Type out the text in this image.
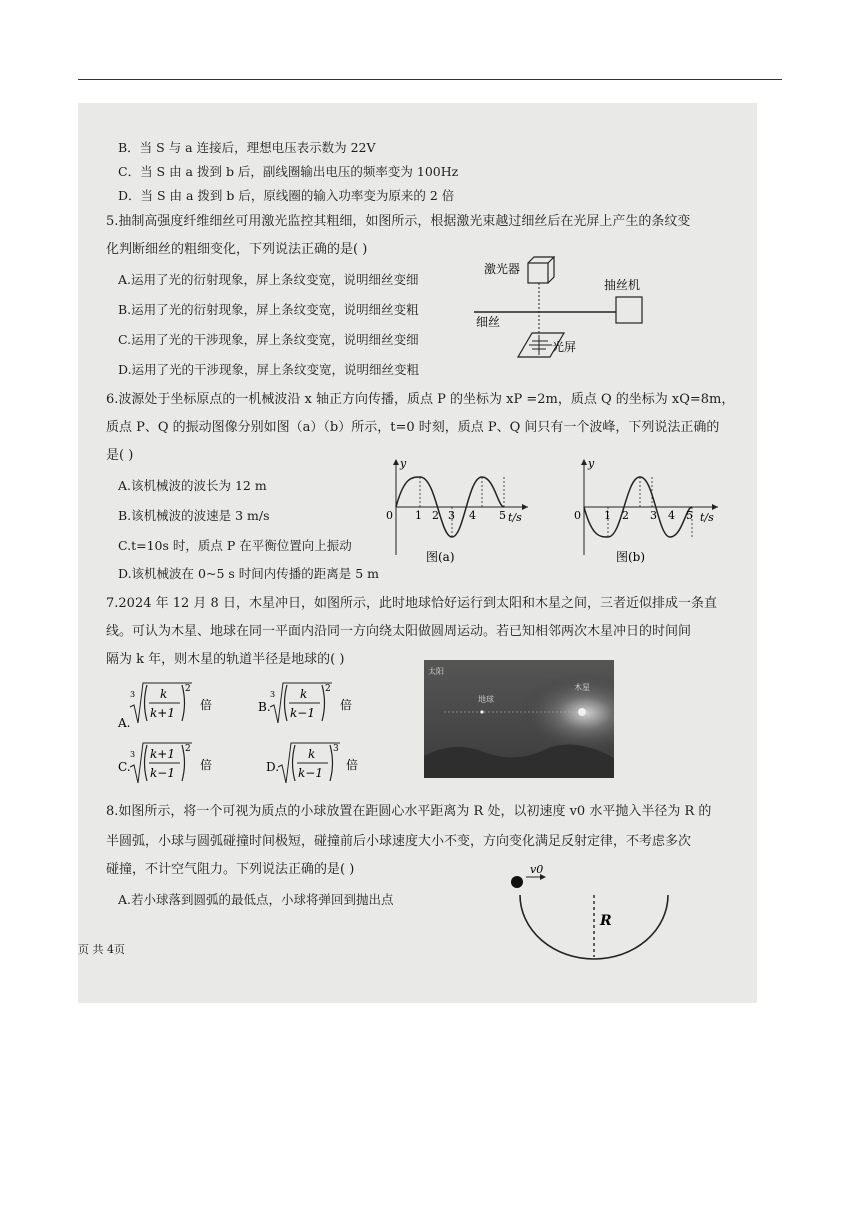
B．当 S 与 a 连接后，理想电压表示数为 22V
C．当 S 由 a 拨到 b 后，副线圈输出电压的频率变为 100Hz
D．当 S 由 a 拨到 b 后，原线圈的输入功率变为原来的 2 倍
5.抽制高强度纤维细丝可用激光监控其粗细，如图所示，根据激光束越过细丝后在光屏上产生的条纹变
化判断细丝的粗细变化，下列说法正确的是( )
A.运用了光的衍射现象，屏上条纹变宽，说明细丝变细
B.运用了光的衍射现象，屏上条纹变宽，说明细丝变粗
C.运用了光的干涉现象，屏上条纹变宽，说明细丝变细
D.运用了光的干涉现象，屏上条纹变宽，说明细丝变粗
激光器
细丝
抽丝机
光屏
6.波源处于坐标原点的一机械波沿 x 轴正方向传播，质点 P 的坐标为 xP =2m，质点 Q 的坐标为 xQ=8m，
质点 P、Q 的振动图像分别如图（a）（b）所示，t=0 时刻，质点 P、Q 间只有一个波峰，下列说法正确的
是( )
A.该机械波的波长为 12 m
B.该机械波的波速是 3 m/s
C.t=10s 时，质点 P 在平衡位置向上振动
D.该机械波在 0~5 s 时间内传播的距离是 5 m
y
t/s
0 1 2 3 4 5
图(a)
y
t/s
0 1 2 3 4 5
图(b)
7.2024 年 12 月 8 日，木星冲日，如图所示，此时地球恰好运行到太阳和木星之间，三者近似排成一条直
线。可认为木星、地球在同一平面内沿同一方向绕太阳做圆周运动。若已知相邻两次木星冲日的时间间
隔为 k 年，则木星的轨道半径是地球的( )
A.
3 k
k+1
2
倍	B.
3 k
k−1
2
倍
C.
3 k+1
k−1
2
倍	D.
k
k−1
3
倍
太阳
地球
木星
8.如图所示，将一个可视为质点的小球放置在距圆心水平距离为 R 处，以初速度 v0 水平抛入半径为 R 的
半圆弧，小球与圆弧碰撞时间极短，碰撞前后小球速度大小不变，方向变化满足反射定律，不考虑多次
碰撞，不计空气阻力。下列说法正确的是( )
A.若小球落到圆弧的最低点，小球将弹回到抛出点
v0
R
页 共 4页
